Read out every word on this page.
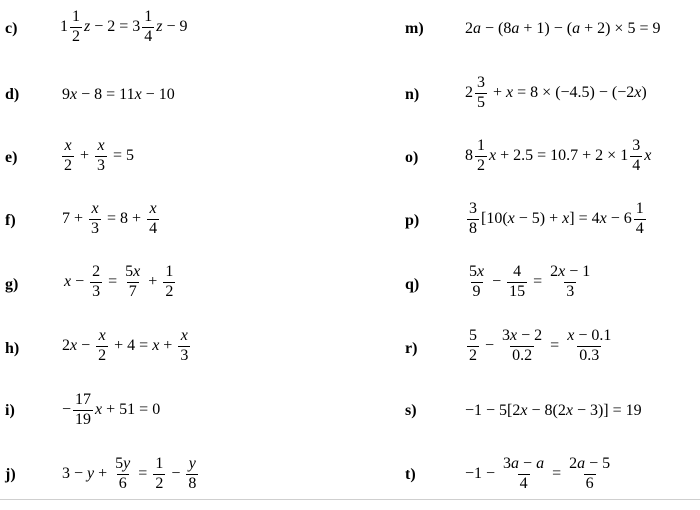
c)	$1 \frac{1}{2}$ $z - 2 = 3 \frac{1}{4}$ z − 9
d)	9 x − 8 = 11 x − 10
e)	$\frac{x}{2} + \frac{x}{3} = 5$
f)	$7 + \frac{x}{3} = 8 + \frac{x}{4}$
g)	$x - \frac{2}{3} = \frac{5x}{7} + \frac{1}{2}$
h)	2 $x - \frac{x}{2} + 4 = x + \frac{x}{3}$
i)	− $\frac{17}{19}$ x + 51 = 0
j)	$3 - y + \frac{5y}{6} = \frac{1}{2} - \frac{y}{8}$
m)	2 a − (8 a + 1) − ( a + 2) × 5 = 9
n)	$2 \frac{3}{5} + x = 8 \times (-4.5) - (-2$ x )
o)	$8 \frac{1}{2}$ $x + 2.5 = 10.7 + 2 \times 1 \frac{3}{4}$ x
p)	$\frac{3}{8} [10$( x − 5) + x ] = 4 $x - 6 \frac{1}{4}$
q)	$\frac{5x}{9} - \frac{4}{15} = \frac{2x - 1}{3}$
r)	$\frac{5}{2} - \frac{3x - 2}{0.2} = \frac{x - 0.1}{0.3}$
s)	−1 − 5[2 x − 8(2 x − 3)] = 19
t)	$-1 - \frac{3a - a}{4} = \frac{2a - 5}{6}$
